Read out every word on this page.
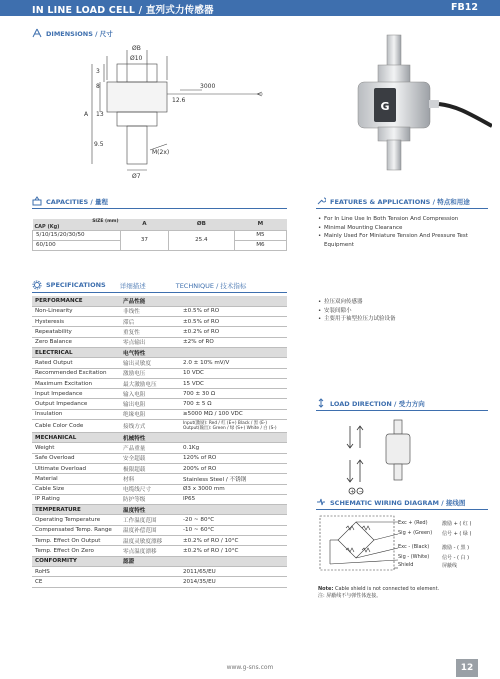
IN LINE LOAD CELL / 直列式力传感器	FB12
DIMENSIONS / 尺寸
ØB
Ø10
3
8	3000
12.6
A 13
9.5
M(2x)
Ø7
G
CAPACITIES / 量程
SIZE (mm)
CAP (Kg)	A	ØB	M
5/10/15/20/30/50	37	25.4	M5
60/100			M6
FEATURES & APPLICATIONS / 特点和用途
• For In Line Use In Both Tension And Compression
• Minimal Mounting Clearance
• Mainly Used For Miniature Tension And Pressure Test Equipment
SPECIFICATIONS 详细描述	TECHNIQUE / 技术指标
PERFORMANCE	产品性能	
Non-Linearity	非线性	±0.5% of RO
Hysteresis	滞后	±0.5% of RO
Repeatability	重复性	±0.2% of RO
Zero Balance	零点输出	±2% of RO
ELECTRICAL	电气特性	
Rated Output	输出灵敏度	2.0 ± 10% mV/V
Recommended Excitation	激励电压	10 VDC
Maximum Excitation	最大激励电压	15 VDC
Input Impedance	输入电阻	700 ± 30 Ω
Output Impedance	输出电阻	700 ± 5 Ω
Insulation	绝缘电阻	≥5000 MΩ / 100 VDC
Cable Color Code	接线方式	Input(激励): Red / 红 (E+) Black / 黑 (E-)
Output(输出): Green / 绿 (S+) White / 白 (S-)

MECHANICAL	机械特性	
Weight	产品重量	0.1Kg
Safe Overload	安全超载	120% of RO
Ultimate Overload	极限超载	200% of RO
Material	材料	Stainless Steel / 不锈钢
Cable Size	电缆线尺寸	Ø3 x 3000 mm
IP Rating	防护等级	IP65
TEMPERATURE	温度特性	
Operating Temperature	工作温度范围	-20 ~ 80°C
Compensated Temp. Range	温度补偿范围	-10 ~ 60°C
Temp. Effect On Output	温度灵敏度漂移	±0.2% of RO / 10°C
Temp. Effect On Zero	零点温度漂移	±0.2% of RO / 10°C
CONFORMITY	認證	
RoHS		2011/65/EU
CE		2014/35/EU
• 拉压双向传感器
• 安装间隙小
• 主要用于袖型拉压力试验设备
LOAD DIRECTION / 受力方向
+ −
SCHEMATIC WIRING DIAGRAM / 接线图
Exc + (Red)	激励 + ( 红 )
Sig + (Green) 信号 + ( 绿 )
Exc - (Black)	激励 - ( 黑 )
Sig - (White)	信号 - ( 白 )
Shield	屏蔽线
Note: Cable shield is not connected to element.
注: 屏蔽线不与弹性体连接。
www.g-sns.com	12
